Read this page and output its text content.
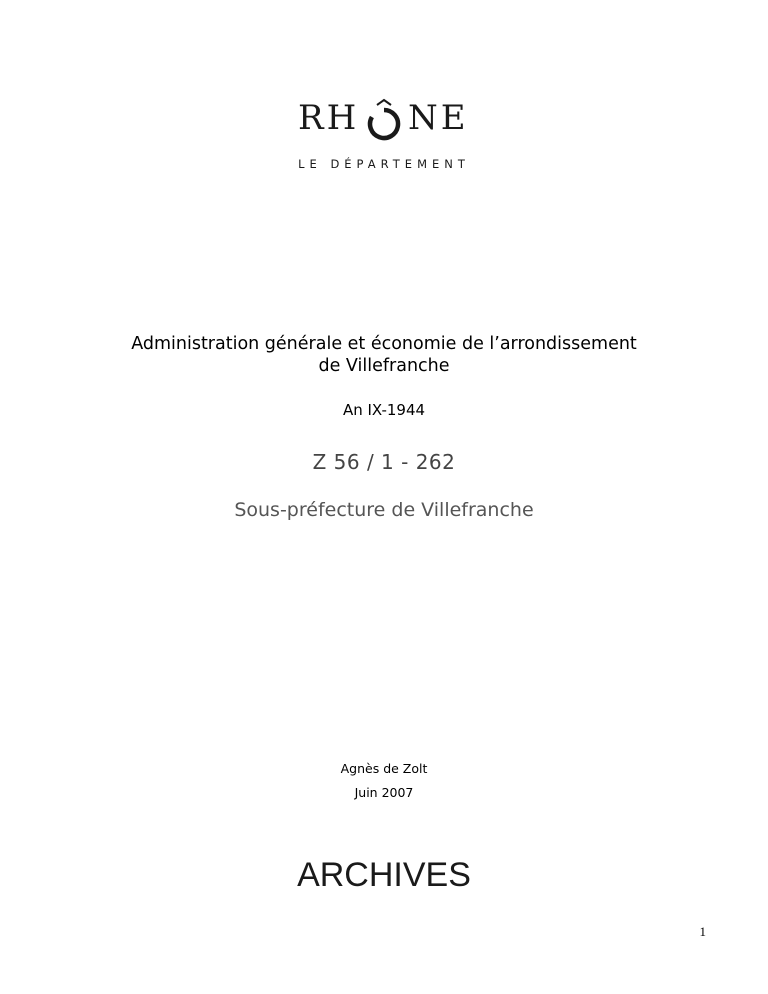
RH NE
LE DÉPARTEMENT
Administration générale et économie de l’arrondissement
de Villefranche
An IX-1944
Z 56 / 1 - 262
Sous-préfecture de Villefranche
Agnès de Zolt
Juin 2007
ARCHIVES
1
